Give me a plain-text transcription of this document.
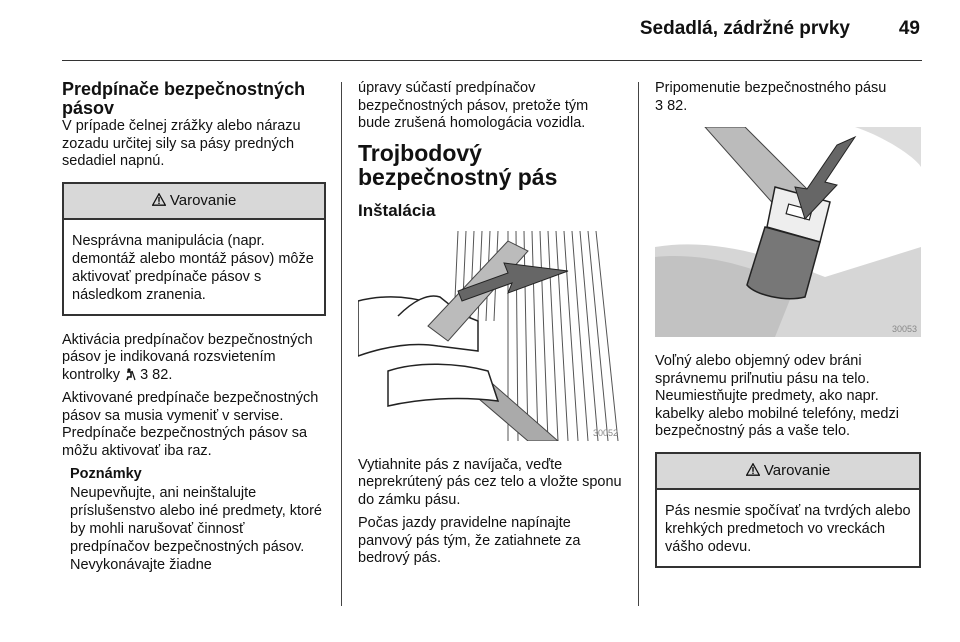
Sedadlá, zádržné prvky	49
Predpínače bezpečnostných pásov

V prípade čelnej zrážky alebo nárazu zozadu určitej sily sa pásy predných sedadiel napnú.

Varovanie
Nesprávna manipulácia (napr. demontáž alebo montáž pásov) môže aktivovať predpínače pásov s následkom zranenia.

Aktivácia predpínačov bezpečnostných pásov je indikovaná rozsvietením kontrolky 3 82.

Aktivované predpínače bezpečnostných pásov sa musia vymeniť v servise. Predpínače bezpečnostných pásov sa môžu aktivovať iba raz.

Poznámky
Neupevňujte, ani neinštalujte príslušenstvo alebo iné predmety, ktoré by mohli narušovať činnosť predpínačov bezpečnostných pásov. Nevykonávajte žiadne

úpravy súčastí predpínačov bezpečnostných pásov, pretože tým bude zrušená homologácia vozidla.

Trojbodový bezpečnostný pás
Inštalácia
30052

Vytiahnite pás z navíjača, veďte neprekrútený pás cez telo a vložte sponu do zámku pásu.

Počas jazdy pravidelne napínajte panvový pás tým, že zatiahnete za bedrový pás.

Pripomenutie bezpečnostného pásu
3 82.

30053

Voľný alebo objemný odev bráni správnemu priľnutiu pásu na telo. Neumiestňujte predmety, ako napr. kabelky alebo mobilné telefóny, medzi bezpečnostný pás a vaše telo.

Varovanie
Pás nesmie spočívať na tvrdých alebo krehkých predmetoch vo vreckách vášho odevu.
